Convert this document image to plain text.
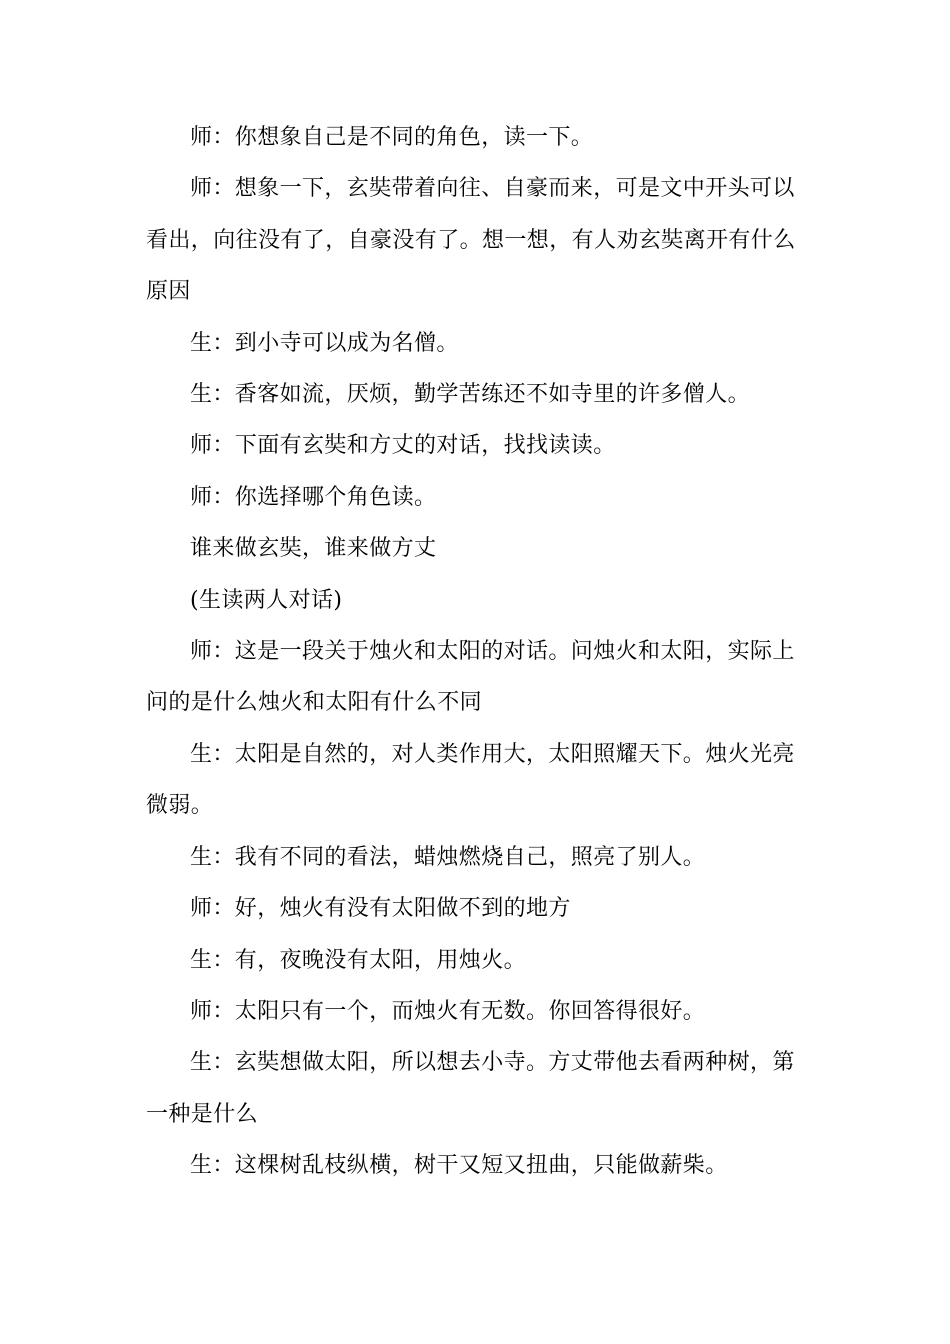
师：你想象自己是不同的角色，读一下。

师：想象一下，玄奘带着向往、自豪而来，可是文中开头可以看出，向往没有了，自豪没有了。想一想，有人劝玄奘离开有什么原因

生：到小寺可以成为名僧。

生：香客如流，厌烦，勤学苦练还不如寺里的许多僧人。

师：下面有玄奘和方丈的对话，找找读读。

师：你选择哪个角色读。

谁来做玄奘，谁来做方丈

(生读两人对话)

师：这是一段关于烛火和太阳的对话。问烛火和太阳，实际上问的是什么烛火和太阳有什么不同

生：太阳是自然的，对人类作用大，太阳照耀天下。烛火光亮微弱。

生：我有不同的看法，蜡烛燃烧自己，照亮了别人。

师：好，烛火有没有太阳做不到的地方

生：有，夜晚没有太阳，用烛火。

师：太阳只有一个，而烛火有无数。你回答得很好。

生：玄奘想做太阳，所以想去小寺。方丈带他去看两种树，第一种是什么

生：这棵树乱枝纵横，树干又短又扭曲，只能做薪柴。
